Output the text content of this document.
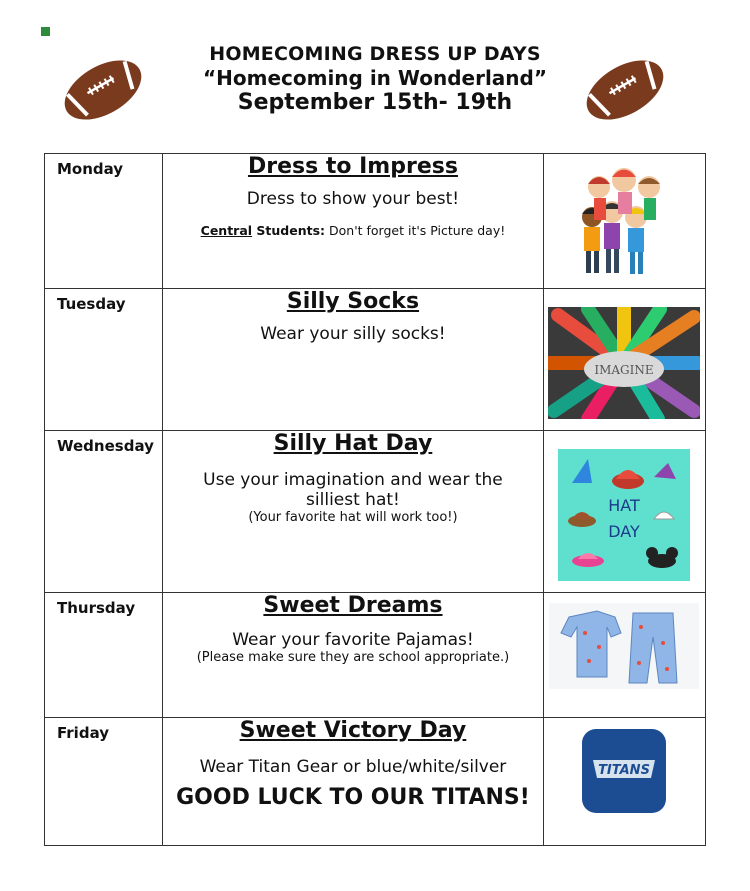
HOMECOMING DRESS UP DAYS
“Homecoming in Wonderland”
September 15th- 19th
Monday	Dress to Impress
Dress to show your best!
Central Students: Don't forget it's Picture day!

Tuesday	Silly Socks
Wear your silly socks!	IMAGINE

Wednesday	Silly Hat Day
Use your imagination and wear the
silliest hat!
(Your favorite hat will work too!)	HAT
DAY

Thursday	Sweet Dreams
Wear your favorite Pajamas!
(Please make sure they are school appropriate.)

Friday	Sweet Victory Day
Wear Titan Gear or blue/white/silver
GOOD LUCK TO OUR TITANS!	TITANS
